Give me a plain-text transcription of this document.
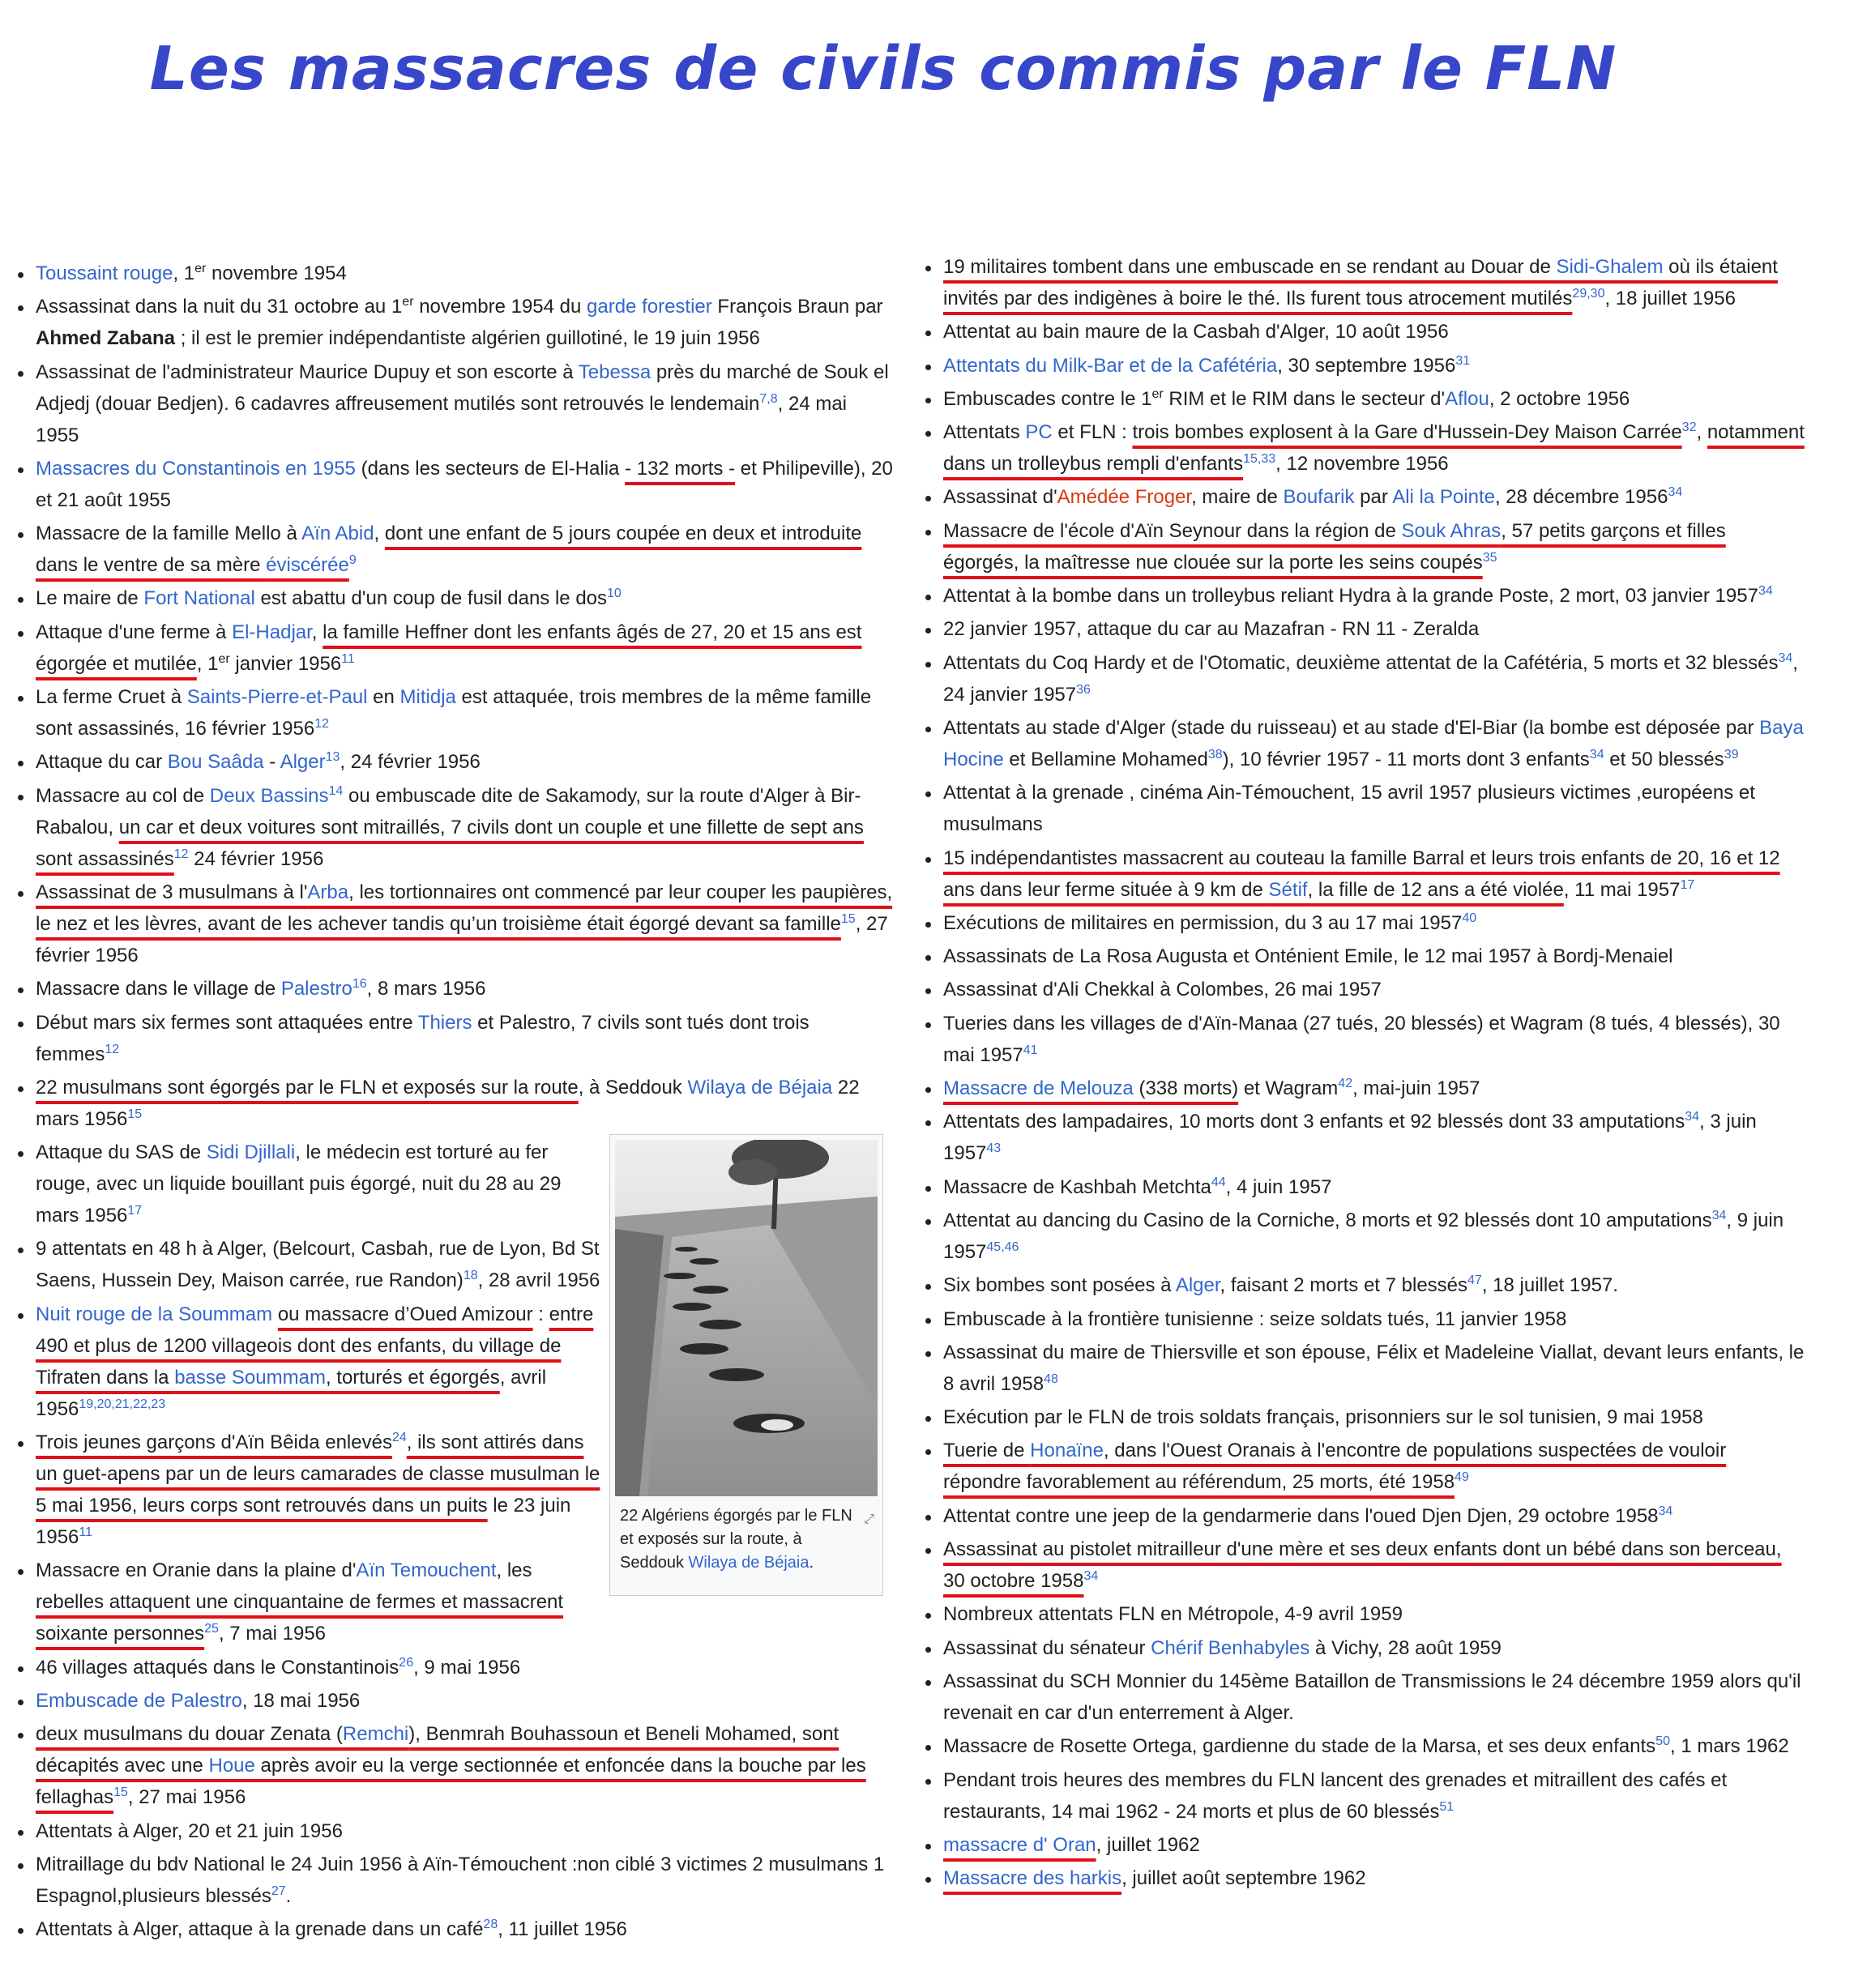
Les massacres de civils commis par le FLN
Toussaint rouge, 1er novembre 1954
Assassinat dans la nuit du 31 octobre au 1er novembre 1954 du garde forestier François Braun par Ahmed Zabana ; il est le premier indépendantiste algérien guillotiné, le 19 juin 1956
Assassinat de l'administrateur Maurice Dupuy et son escorte à Tebessa près du marché de Souk el Adjedj (douar Bedjen). 6 cadavres affreusement mutilés sont retrouvés le lendemain$^{7,8}$, 24 mai 1955
Massacres du Constantinois en 1955 (dans les secteurs de El-Halia - 132 morts - et Philipeville), 20 et 21 août 1955
Massacre de la famille Mello à Aïn Abid, dont une enfant de 5 jours coupée en deux et introduite dans le ventre de sa mère éviscérée$^9$
Le maire de Fort National est abattu d'un coup de fusil dans le dos$^{10}$
Attaque d'une ferme à El-Hadjar, la famille Heffner dont les enfants âgés de 27, 20 et 15 ans est égorgée et mutilée, 1er janvier 1956$^{11}$
La ferme Cruet à Saints-Pierre-et-Paul en Mitidja est attaquée, trois membres de la même famille sont assassinés, 16 février 1956$^{12}$
Attaque du car Bou Saâda - Alger$^{13}$, 24 février 1956
Massacre au col de Deux Bassins$^{14}$ ou embuscade dite de Sakamody, sur la route d'Alger à Bir-Rabalou, un car et deux voitures sont mitraillés, 7 civils dont un couple et une fillette de sept ans sont assassinés$^{12}$ 24 février 1956
Assassinat de 3 musulmans à l'Arba, les tortionnaires ont commencé par leur couper les paupières, le nez et les lèvres, avant de les achever tandis qu’un troisième était égorgé devant sa famille$^{15}$, 27 février 1956
Massacre dans le village de Palestro$^{16}$, 8 mars 1956
Début mars six fermes sont attaquées entre Thiers et Palestro, 7 civils sont tués dont trois femmes$^{12}$
22 musulmans sont égorgés par le FLN et exposés sur la route, à Seddouk Wilaya de Béjaia 22 mars 1956$^{15}$
Attaque du SAS de Sidi Djillali, le médecin est torturé au fer rouge, avec un liquide bouillant puis égorgé, nuit du 28 au 29 mars 1956$^{17}$
9 attentats en 48 h à Alger, (Belcourt, Casbah, rue de Lyon, Bd St Saens, Hussein Dey, Maison carrée, rue Randon)$^{18}$, 28 avril 1956
Nuit rouge de la Soummam ou massacre d’Oued Amizour : entre 490 et plus de 1200 villageois dont des enfants, du village de Tifraten dans la basse Soummam, torturés et égorgés, avril 1956$^{19,20,21,22,23}$
Trois jeunes garçons d'Aïn Bêida enlevés$^{24}$, ils sont attirés dans un guet-apens par un de leurs camarades de classe musulman le 5 mai 1956, leurs corps sont retrouvés dans un puits le 23 juin 1956$^{11}$
Massacre en Oranie dans la plaine d'Aïn Temouchent, les rebelles attaquent une cinquantaine de fermes et massacrent soixante personnes$^{25}$, 7 mai 1956
46 villages attaqués dans le Constantinois$^{26}$, 9 mai 1956
Embuscade de Palestro, 18 mai 1956
deux musulmans du douar Zenata (Remchi), Benmrah Bouhassoun et Beneli Mohamed, sont décapités avec une Houe après avoir eu la verge sectionnée et enfoncée dans la bouche par les fellaghas$^{15}$, 27 mai 1956
Attentats à Alger, 20 et 21 juin 1956
Mitraillage du bdv National le 24 Juin 1956 à Aïn-Témouchent :non ciblé 3 victimes 2 musulmans 1 Espagnol,plusieurs blessés$^{27}$.
Attentats à Alger, attaque à la grenade dans un café$^{28}$, 11 juillet 1956
22 Algériens égorgés par le FLN et exposés sur la route, à Seddouk Wilaya de Béjaia.
⤢
19 militaires tombent dans une embuscade en se rendant au Douar de Sidi-Ghalem où ils étaient invités par des indigènes à boire le thé. Ils furent tous atrocement mutilés$^{29,30}$, 18 juillet 1956
Attentat au bain maure de la Casbah d'Alger, 10 août 1956
Attentats du Milk-Bar et de la Cafétéria, 30 septembre 1956$^{31}$
Embuscades contre le 1er RIM et le RIM dans le secteur d'Aflou, 2 octobre 1956
Attentats PC et FLN : trois bombes explosent à la Gare d'Hussein-Dey Maison Carrée$^{32}$, notamment dans un trolleybus rempli d'enfants$^{15,33}$, 12 novembre 1956
Assassinat d'Amédée Froger, maire de Boufarik par Ali la Pointe, 28 décembre 1956$^{34}$
Massacre de l'école d'Aïn Seynour dans la région de Souk Ahras, 57 petits garçons et filles égorgés, la maîtresse nue clouée sur la porte les seins coupés$^{35}$
Attentat à la bombe dans un trolleybus reliant Hydra à la grande Poste, 2 mort, 03 janvier 1957$^{34}$
22 janvier 1957, attaque du car au Mazafran - RN 11 - Zeralda
Attentats du Coq Hardy et de l'Otomatic, deuxième attentat de la Cafétéria, 5 morts et 32 blessés$^{34}$, 24 janvier 1957$^{36}$
Attentats au stade d'Alger (stade du ruisseau) et au stade d'El-Biar (la bombe est déposée par Baya Hocine et Bellamine Mohamed$^{38}$), 10 février 1957 - 11 morts dont 3 enfants$^{34}$ et 50 blessés$^{39}$
Attentat à la grenade , cinéma Ain-Témouchent, 15 avril 1957 plusieurs victimes ,européens et musulmans
15 indépendantistes massacrent au couteau la famille Barral et leurs trois enfants de 20, 16 et 12 ans dans leur ferme située à 9 km de Sétif, la fille de 12 ans a été violée, 11 mai 1957$^{17}$
Exécutions de militaires en permission, du 3 au 17 mai 1957$^{40}$
Assassinats de La Rosa Augusta et Onténient Emile, le 12 mai 1957 à Bordj-Menaiel
Assassinat d'Ali Chekkal à Colombes, 26 mai 1957
Tueries dans les villages de d'Aïn-Manaa (27 tués, 20 blessés) et Wagram (8 tués, 4 blessés), 30 mai 1957$^{41}$
Massacre de Melouza (338 morts) et Wagram$^{42}$, mai-juin 1957
Attentats des lampadaires, 10 morts dont 3 enfants et 92 blessés dont 33 amputations$^{34}$, 3 juin 1957$^{43}$
Massacre de Kashbah Metchta$^{44}$, 4 juin 1957
Attentat au dancing du Casino de la Corniche, 8 morts et 92 blessés dont 10 amputations$^{34}$, 9 juin 1957$^{45,46}$
Six bombes sont posées à Alger, faisant 2 morts et 7 blessés$^{47}$, 18 juillet 1957.
Embuscade à la frontière tunisienne : seize soldats tués, 11 janvier 1958
Assassinat du maire de Thiersville et son épouse, Félix et Madeleine Viallat, devant leurs enfants, le 8 avril 1958$^{48}$
Exécution par le FLN de trois soldats français, prisonniers sur le sol tunisien, 9 mai 1958
Tuerie de Honaïne, dans l'Ouest Oranais à l'encontre de populations suspectées de vouloir répondre favorablement au référendum, 25 morts, été 1958$^{49}$
Attentat contre une jeep de la gendarmerie dans l'oued Djen Djen, 29 octobre 1958$^{34}$
Assassinat au pistolet mitrailleur d'une mère et ses deux enfants dont un bébé dans son berceau, 30 octobre 1958$^{34}$
Nombreux attentats FLN en Métropole, 4-9 avril 1959
Assassinat du sénateur Chérif Benhabyles à Vichy, 28 août 1959
Assassinat du SCH Monnier du 145ème Bataillon de Transmissions le 24 décembre 1959 alors qu'il revenait en car d'un enterrement à Alger.
Massacre de Rosette Ortega, gardienne du stade de la Marsa, et ses deux enfants$^{50}$, 1 mars 1962
Pendant trois heures des membres du FLN lancent des grenades et mitraillent des cafés et restaurants, 14 mai 1962 - 24 morts et plus de 60 blessés$^{51}$
massacre d' Oran, juillet 1962
Massacre des harkis, juillet août septembre 1962
